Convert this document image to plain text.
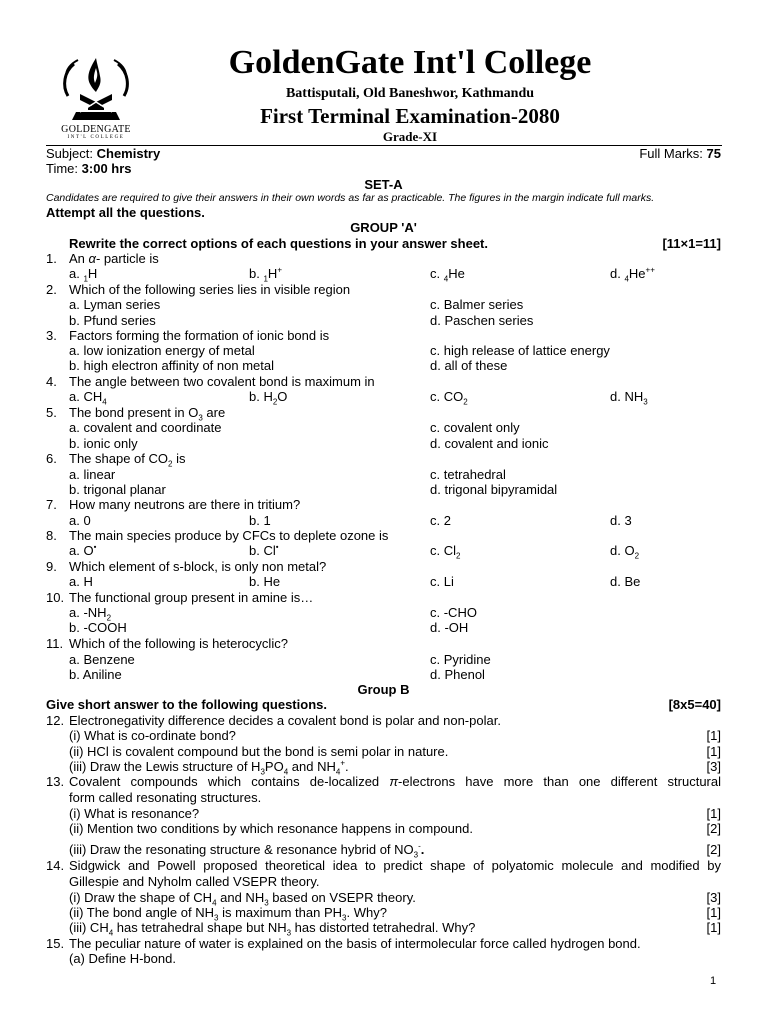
GOLDENGATE
INT'L COLLEGE
GoldenGate Int'l College
Battisputali, Old Baneshwor, Kathmandu
First Terminal Examination-2080
Grade-XI
Subject: Chemistry	Full Marks: 75
Time: 3:00 hrs
SET-A
Candidates are required to give their answers in their own words as far as practicable. The figures in the margin indicate full marks.
Attempt all the questions.
GROUP 'A'
Rewrite the correct options of each questions in your answer sheet.	[11×1=11]
1. An α- particle is
a. $_1$H	b. $_1$H+	c. $_4$He	d. $_4$He++
2. Which of the following series lies in visible region
a. Lyman series	c. Balmer series
b. Pfund series	d. Paschen series
3. Factors forming the formation of ionic bond is
a. low ionization energy of metal	c. high release of lattice energy
b. high electron affinity of non metal	d. all of these
4. The angle between two covalent bond is maximum in
a. $CH_4$	b. $H_2O$	c. $CO_2$	d. $NH_3$
5. The bond present in $O_3$ are
a. covalent and coordinate	c. covalent only
b. ionic only	d. covalent and ionic
6. The shape of $CO_2$ is
a. linear	c. tetrahedral
b. trigonal planar	d. trigonal bipyramidal
7. How many neutrons are there in tritium?
a. 0	b. 1	c. 2	d. 3
8. The main species produce by CFCs to deplete ozone is
a. O•	b. Cl•	c. $Cl_2$	d. $O_2$
9. Which element of s-block, is only non metal?
a. H	b. He	c. Li	d. Be
10. The functional group present in amine is…
a. $-NH_2$	c. -CHO
b. -COOH	d. -OH
11. Which of the following is heterocyclic?
a. Benzene	c. Pyridine
b. Aniline	d. Phenol
Group B
Give short answer to the following questions.	[8x5=40]
12. Electronegativity difference decides a covalent bond is polar and non-polar.
(i) What is co-ordinate bond?	[1]
(ii) HCl is covalent compound but the bond is semi polar in nature.	[1]
(iii) Draw the Lewis structure of $H_3PO_4$ and $NH_4^+$.	[3]
13. Covalent compounds which contains de-localized π-electrons have more than one different structural
form called resonating structures.
(i) What is resonance?	[1]
(ii) Mention two conditions by which resonance happens in compound.	[2]
(iii) Draw the resonating structure & resonance hybrid of $NO_3^-$.	[2]
14. Sidgwick and Powell proposed theoretical idea to predict shape of polyatomic molecule and modified by
Gillespie and Nyholm called VSEPR theory.
(i) Draw the shape of $CH_4$ and $NH_3$ based on VSEPR theory.	[3]
(ii) The bond angle of $NH_3$ is maximum than $PH_3$. Why?	[1]
(iii) $CH_4$ has tetrahedral shape but $NH_3$ has distorted tetrahedral. Why?	[1]
15. The peculiar nature of water is explained on the basis of intermolecular force called hydrogen bond.
(a) Define H-bond.
1
